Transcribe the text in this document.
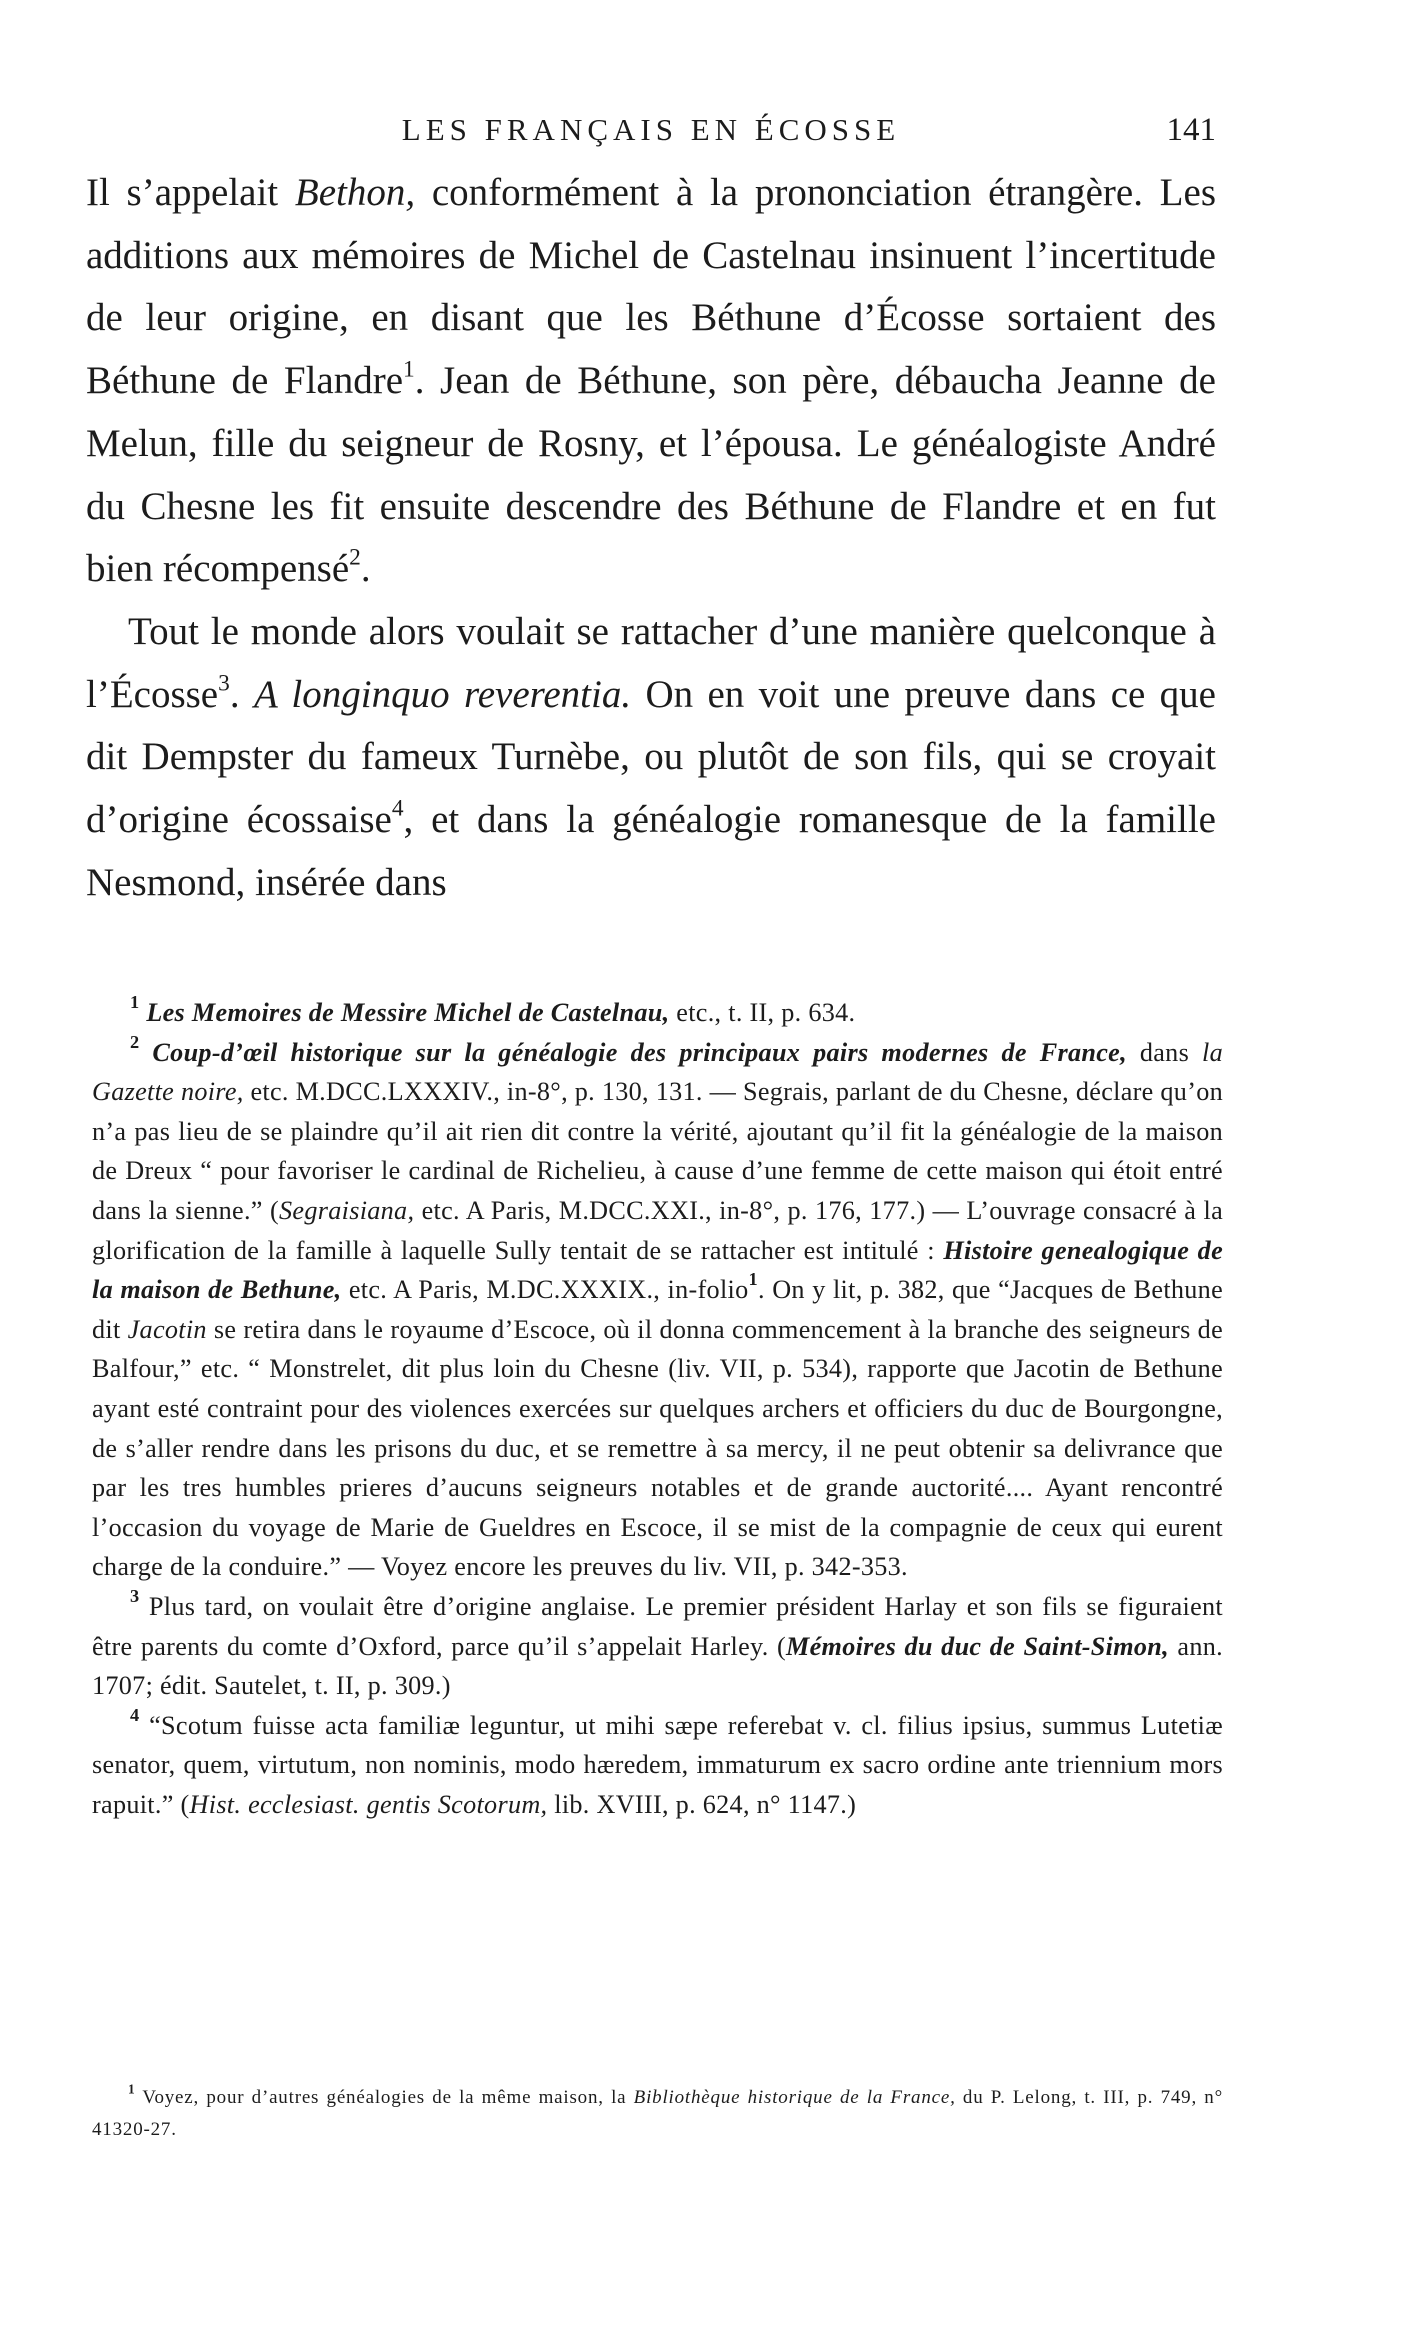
LES FRANÇAIS EN ÉCOSSE	141

Il s’appelait Bethon, conformément à la prononciation étrangère. Les additions aux mémoires de Michel de Castelnau insinuent l’incertitude de leur origine, en disant que les Béthune d’Écosse sortaient des Béthune de Flandre$^1$. Jean de Béthune, son père, débaucha Jeanne de Melun, fille du seigneur de Rosny, et l’épousa. Le généalogiste André du Chesne les fit ensuite descendre des Béthune de Flandre et en fut bien récompensé$^2$.

Tout le monde alors voulait se rattacher d’une manière quelconque à l’Écosse$^3$. A longinquo reverentia. On en voit une preuve dans ce que dit Dempster du fameux Turnèbe, ou plutôt de son fils, qui se croyait d’origine écossaise$^4$, et dans la généalogie romanesque de la famille Nesmond, insérée dans

$^1$ Les Memoires de Messire Michel de Castelnau, etc., t. II, p. 634.

$^2$ Coup-d’œil historique sur la généalogie des principaux pairs modernes de France, dans la Gazette noire, etc. M.DCC.LXXXIV., in-8°, p. 130, 131. — Segrais, parlant de du Chesne, déclare qu’on n’a pas lieu de se plaindre qu’il ait rien dit contre la vérité, ajoutant qu’il fit la généalogie de la maison de Dreux “ pour favoriser le cardinal de Richelieu, à cause d’une femme de cette maison qui étoit entré dans la sienne.” (Segraisiana, etc. A Paris, M.DCC.XXI., in-8°, p. 176, 177.) — L’ouvrage consacré à la glorification de la famille à laquelle Sully tentait de se rattacher est intitulé : Histoire genealogique de la maison de Bethune, etc. A Paris, M.DC.XXXIX., in-folio$^1$. On y lit, p. 382, que “Jacques de Bethune dit Jacotin se retira dans le royaume d’Escoce, où il donna commencement à la branche des seigneurs de Balfour,” etc. “ Monstrelet, dit plus loin du Chesne (liv. VII, p. 534), rapporte que Jacotin de Bethune ayant esté contraint pour des violences exercées sur quelques archers et officiers du duc de Bourgongne, de s’aller rendre dans les prisons du duc, et se remettre à sa mercy, il ne peut obtenir sa delivrance que par les tres humbles prieres d’aucuns seigneurs notables et de grande auctorité.... Ayant rencontré l’occasion du voyage de Marie de Gueldres en Escoce, il se mist de la compagnie de ceux qui eurent charge de la conduire.” — Voyez encore les preuves du liv. VII, p. 342-353.

$^3$ Plus tard, on voulait être d’origine anglaise. Le premier président Harlay et son fils se figuraient être parents du comte d’Oxford, parce qu’il s’appelait Harley. (Mémoires du duc de Saint-Simon, ann. 1707; édit. Sautelet, t. II, p. 309.)

$^4$ “Scotum fuisse acta familiæ leguntur, ut mihi sæpe referebat v. cl. filius ipsius, summus Lutetiæ senator, quem, virtutum, non nominis, modo hæredem, immaturum ex sacro ordine ante triennium mors rapuit.” (Hist. ecclesiast. gentis Scotorum, lib. XVIII, p. 624, n° 1147.)

$^1$ Voyez, pour d’autres généalogies de la même maison, la Bibliothèque historique de la France, du P. Lelong, t. III, p. 749, n° 41320-27.
